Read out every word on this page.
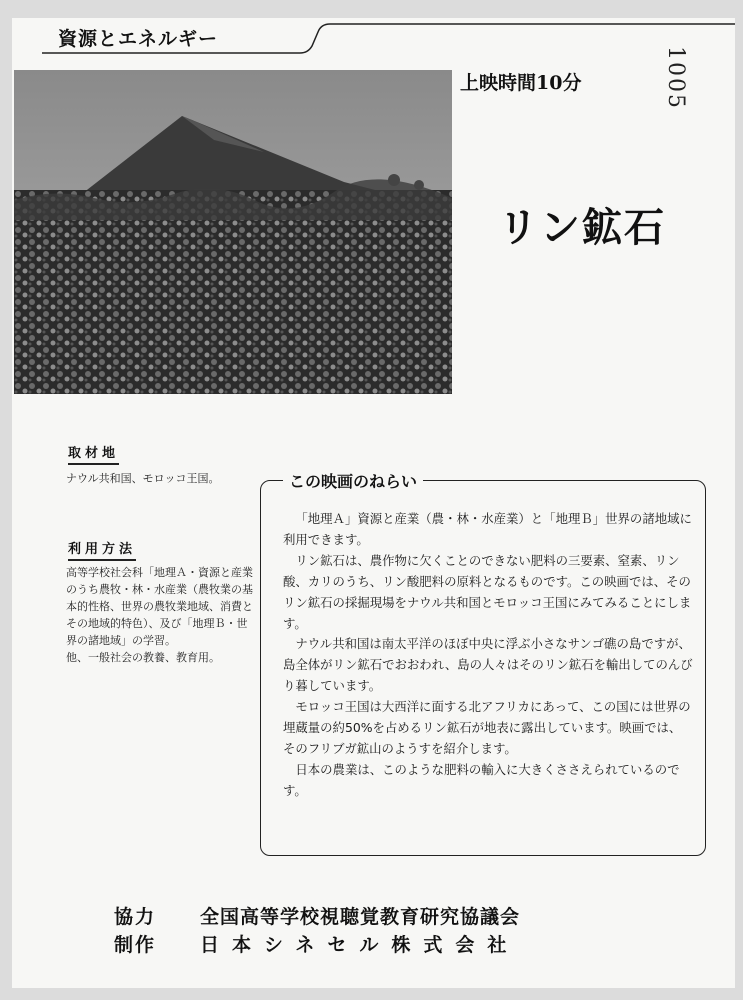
資源とエネルギー
1005
上映時間10分
リン鉱石
取材地
ナウル共和国、モロッコ王国。
利用方法
高等学校社会科「地理Ａ・資源と産業のうち農牧・林・水産業（農牧業の基本的性格、世界の農牧業地域、消費とその地域的特色）、及び「地理Ｂ・世界の諸地域」の学習。
他、一般社会の教養、教育用。
この映画のねらい

「地理Ａ」資源と産業（農・林・水産業）と「地理Ｂ」世界の諸地域に利用できます。

リン鉱石は、農作物に欠くことのできない肥料の三要素、窒素、リン酸、カリのうち、リン酸肥料の原料となるものです。この映画では、そのリン鉱石の採掘現場をナウル共和国とモロッコ王国にみてみることにします。

ナウル共和国は南太平洋のほぼ中央に浮ぶ小さなサンゴ礁の島ですが、島全体がリン鉱石でおおわれ、島の人々はそのリン鉱石を輸出してのんびり暮しています。

モロッコ王国は大西洋に面する北アフリカにあって、この国には世界の埋蔵量の約50%を占めるリン鉱石が地表に露出しています。映画では、そのフリブガ鉱山のようすを紹介します。

日本の農業は、このような肥料の輸入に大きくささえられているのです。

協力	全国高等学校視聴覚教育研究協議会
制作	日本シネセル株式会社
